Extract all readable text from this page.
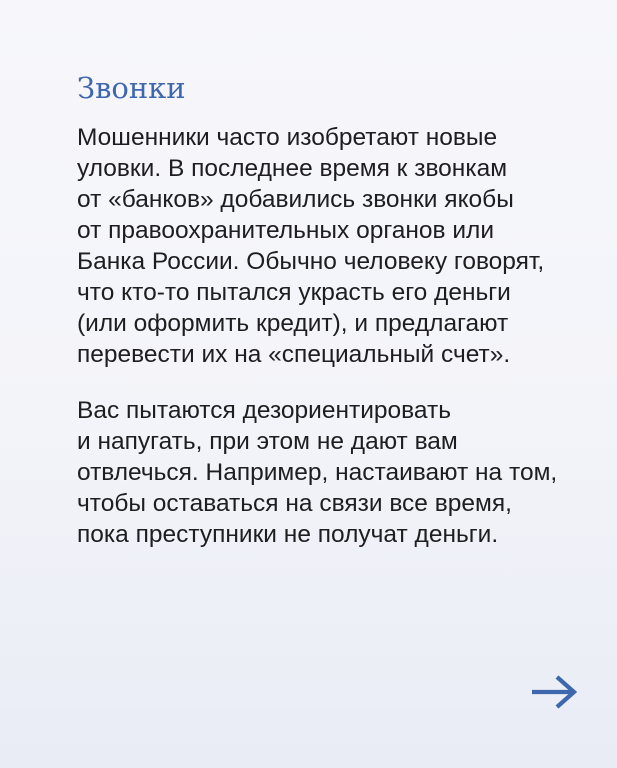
Звонки

Мошенники часто изобретают новые
уловки. В последнее время к звонкам
от «банков» добавились звонки якобы
от правоохранительных органов или
Банка России. Обычно человеку говорят,
что кто-то пытался украсть его деньги
(или оформить кредит), и предлагают
перевести их на «специальный счет».

Вас пытаются дезориентировать
и напугать, при этом не дают вам
отвлечься. Например, настаивают на том,
чтобы оставаться на связи все время,
пока преступники не получат деньги.
